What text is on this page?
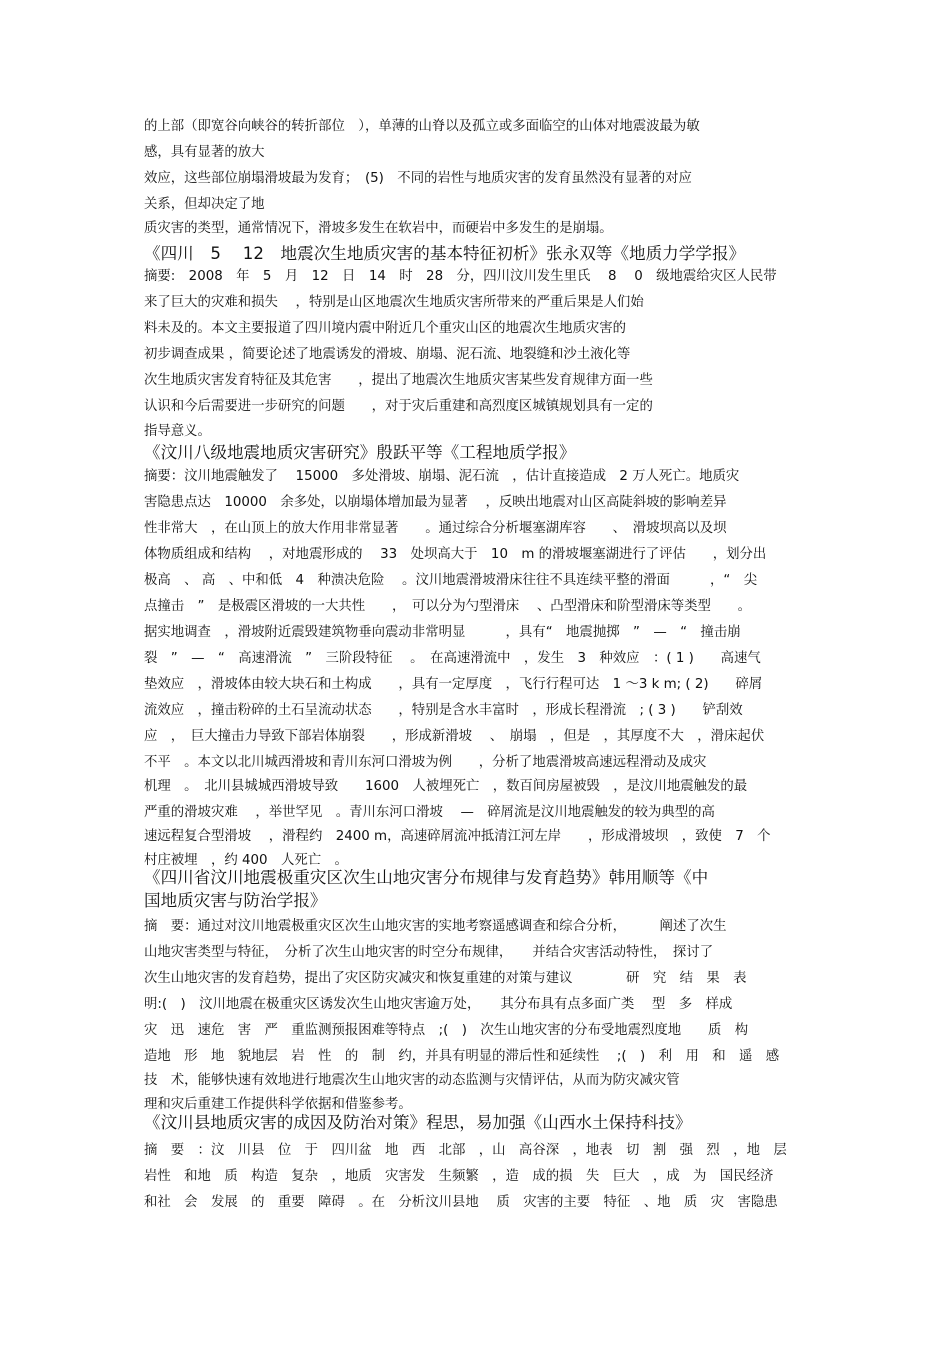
的上部（即宽谷向峡谷的转折部位　），单薄的山脊以及孤立或多面临空的山体对地震波最为敏
感，具有显著的放大
效应，这些部位崩塌滑坡最为发育；　(5)　不同的岩性与地质灾害的发育虽然没有显著的对应
关系，但却决定了地
质灾害的类型，通常情况下，滑坡多发生在软岩中，而硬岩中多发生的是崩塌。
《四川　5　 12　地震次生地质灾害的基本特征初析》张永双等《地质力学学报》
摘要:　2008　年　5　月　12　日　14　时　28　分，四川汶川发生里氏　 8　 0　级地震给灾区人民带
来了巨大的灾难和损失　 ，特别是山区地震次生地质灾害所带来的严重后果是人们始
料未及的。本文主要报道了四川境内震中附近几个重灾山区的地震次生地质灾害的
初步调查成果 ，简要论述了地震诱发的滑坡、崩塌、泥石流、地裂缝和沙土液化等
次生地质灾害发育特征及其危害　　，提出了地震次生地质灾害某些发育规律方面一些
认识和今后需要进一步研究的问题　　，对于灾后重建和高烈度区城镇规划具有一定的
指导意义。
《汶川八级地震地质灾害研究》殷跃平等《工程地质学报》
摘要：汶川地震触发了　 15000　多处滑坡、崩塌、泥石流　，估计直接造成　2 万人死亡。地质灾
害隐患点达　10000　余多处，以崩塌体增加最为显著　 ，反映出地震对山区高陡斜坡的影响差异
性非常大　，在山顶上的放大作用非常显著　　。通过综合分析堰塞湖库容　　、　滑坡坝高以及坝
体物质组成和结构　 ，对地震形成的　 33　处坝高大于　10　m 的滑坡堰塞湖进行了评估　　，划分出
极高　、 高　、中和低　4　种溃决危险　 。汶川地震滑坡滑床往往不具连续平整的滑面　　　，“　尖
点撞击　”　是极震区滑坡的一大共性　　，　可以分为勺型滑床　 、凸型滑床和阶型滑床等类型　　。
据实地调查　，滑坡附近震毁建筑物垂向震动非常明显　　　，具有“　地震抛掷　”　—　“　撞击崩
裂　”　—　“　高速滑流　”　三阶段特征　 。　在高速滑流中　，发生　3　种效应　：( 1 )　　高速气
垫效应　，滑坡体由较大块石和土构成　　，具有一定厚度　，飞行行程可达　1 ～3 k m; ( 2)　　碎屑
流效应　，撞击粉碎的土石呈流动状态　　，特别是含水丰富时　，形成长程滑流　; ( 3 )　　铲刮效
应　，　巨大撞击力导致下部岩体崩裂　　，形成新滑坡　 、　崩塌　，但是　，其厚度不大　，滑床起伏
不平　。本文以北川城西滑坡和青川东河口滑坡为例　　，分析了地震滑坡高速远程滑动及成灾
机理　。　北川县城城西滑坡导致　　1600　人被埋死亡　，数百间房屋被毁　，是汶川地震触发的最
严重的滑坡灾难　 ，举世罕见　。青川东河口滑坡　 —　碎屑流是汶川地震触发的较为典型的高
速远程复合型滑坡　 ，滑程约　2400 m，高速碎屑流冲抵清江河左岸　　，形成滑坡坝　，致使　7　个
村庄被埋　，约 400　人死亡　。
《四川省汶川地震极重灾区次生山地灾害分布规律与发育趋势》韩用顺等《中
国地质灾害与防治学报》
摘　要：通过对汶川地震极重灾区次生山地灾害的实地考察遥感调查和综合分析，　　　阐述了次生
山地灾害类型与特征，　分析了次生山地灾害的时空分布规律，　　并结合灾害活动特性，　探讨了
次生山地灾害的发育趋势，提出了灾区防灾减灾和恢复重建的对策与建议　　　　研　究　结　果　表
明:(　)　汶川地震在极重灾区诱发次生山地灾害逾万处，　　其分布具有点多面广类　 型　多　样成
灾　迅　速危　害　严　重监测预报困难等特点　;(　)　次生山地灾害的分布受地震烈度地　　质　构
造地　形　地　貌地层　岩　性　的　制　约，并具有明显的滞后性和延续性　 ;(　)　利　用　和　遥　感
技　术，能够快速有效地进行地震次生山地灾害的动态监测与灾情评估，从而为防灾减灾管
理和灾后重建工作提供科学依据和借鉴参考。
《汶川县地质灾害的成因及防治对策》程思，易加强《山西水土保持科技》
摘　要　：汶　川县　位　于　四川盆　地　西　北部　，山　高谷深　，地表　切　割　强　烈　，地　层
岩性　和地　质　构造　复杂　，地质　灾害发　生频繁　，造　成的损　失　巨大　，成　为　国民经济
和社　会　发展　的　重要　障碍　。在　分析汶川县地　 质　灾害的主要　特征　、地　质　灾　害隐患
